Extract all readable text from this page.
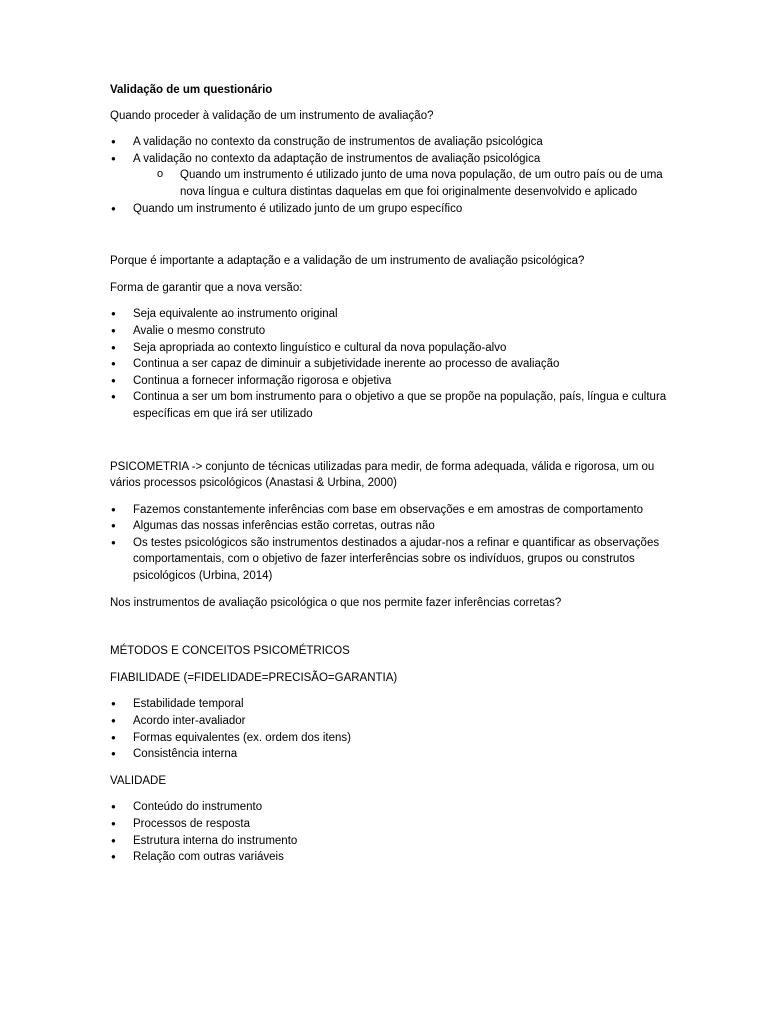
Validação de um questionário

Quando proceder à validação de um instrumento de avaliação?

● A validação no contexto da construção de instrumentos de avaliação psicológica
● A validação no contexto da adaptação de instrumentos de avaliação psicológica
o Quando um instrumento é utilizado junto de uma nova população, de um outro país ou de uma nova língua e cultura distintas daquelas em que foi originalmente desenvolvido e aplicado
● Quando um instrumento é utilizado junto de um grupo específico

Porque é importante a adaptação e a validação de um instrumento de avaliação psicológica?

Forma de garantir que a nova versão:

● Seja equivalente ao instrumento original
● Avalie o mesmo construto
● Seja apropriada ao contexto linguístico e cultural da nova população-alvo
● Continua a ser capaz de diminuir a subjetividade inerente ao processo de avaliação
● Continua a fornecer informação rigorosa e objetiva
● Continua a ser um bom instrumento para o objetivo a que se propõe na população, país, língua e cultura específicas em que irá ser utilizado

PSICOMETRIA -> conjunto de técnicas utilizadas para medir, de forma adequada, válida e rigorosa, um ou vários processos psicológicos (Anastasi & Urbina, 2000)

● Fazemos constantemente inferências com base em observações e em amostras de comportamento
● Algumas das nossas inferências estão corretas, outras não
● Os testes psicológicos são instrumentos destinados a ajudar-nos a refinar e quantificar as observações comportamentais, com o objetivo de fazer interferências sobre os indivíduos, grupos ou construtos psicológicos (Urbina, 2014)

Nos instrumentos de avaliação psicológica o que nos permite fazer inferências corretas?

MÉTODOS E CONCEITOS PSICOMÉTRICOS

FIABILIDADE (=FIDELIDADE=PRECISÃO=GARANTIA)

● Estabilidade temporal
● Acordo inter-avaliador
● Formas equivalentes (ex. ordem dos itens)
● Consistência interna

VALIDADE

● Conteúdo do instrumento
● Processos de resposta
● Estrutura interna do instrumento
● Relação com outras variáveis
